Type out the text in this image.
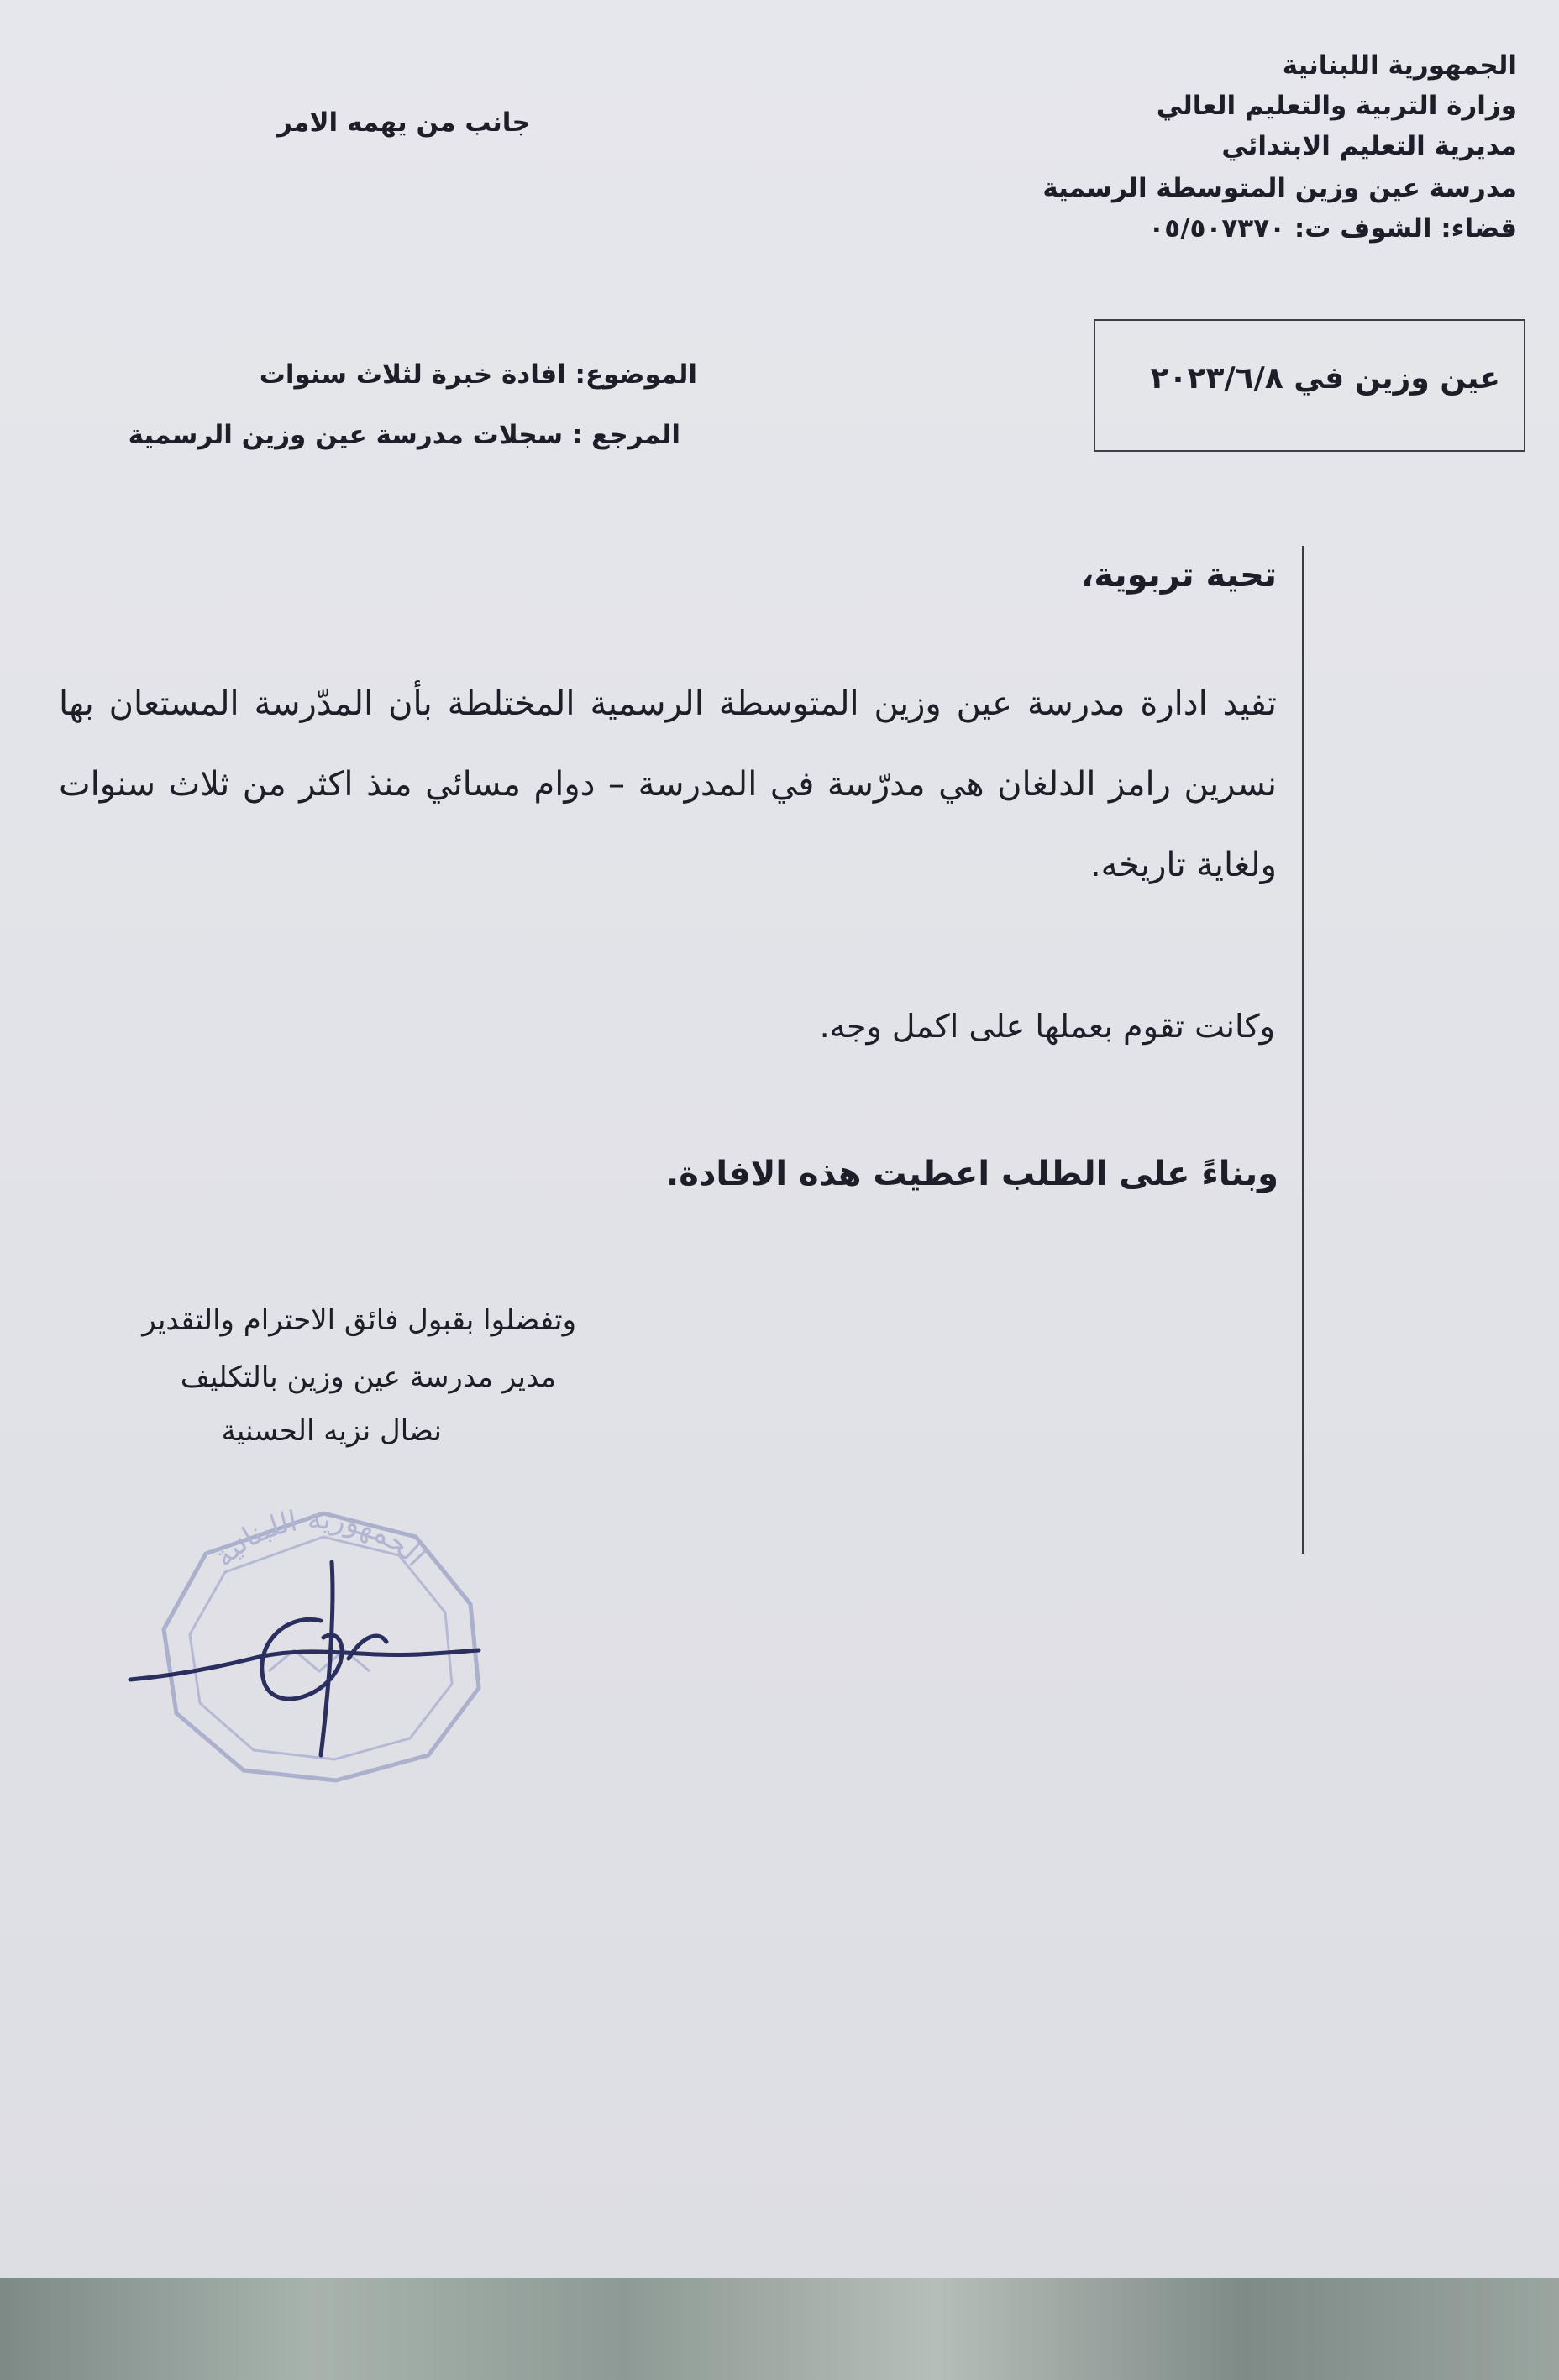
الجمهورية اللبنانية
وزارة التربية والتعليم العالي
مديرية التعليم الابتدائي
مدرسة عين وزين المتوسطة الرسمية
قضاء: الشوف ت: ٠٥/٥٠٧٣٧٠
جانب من يهمه الامر
عين وزين في ٢٠٢٣/٦/٨
الموضوع: افادة خبرة لثلاث سنوات
المرجع : سجلات مدرسة عين وزين الرسمية
تحية تربوية،
تفيد ادارة مدرسة عين وزين المتوسطة الرسمية المختلطة بأن المدّرسة المستعان بها نسرين رامز الدلغان هي مدرّسة في المدرسة – دوام مسائي منذ اكثر من ثلاث سنوات ولغاية تاريخه.
وكانت تقوم بعملها على اكمل وجه.
وبناءً على الطلب اعطيت هذه الافادة.
وتفضلوا بقبول فائق الاحترام والتقدير
مدير مدرسة عين وزين بالتكليف
نضال نزيه الحسنية
الجمهورية اللبنانية
